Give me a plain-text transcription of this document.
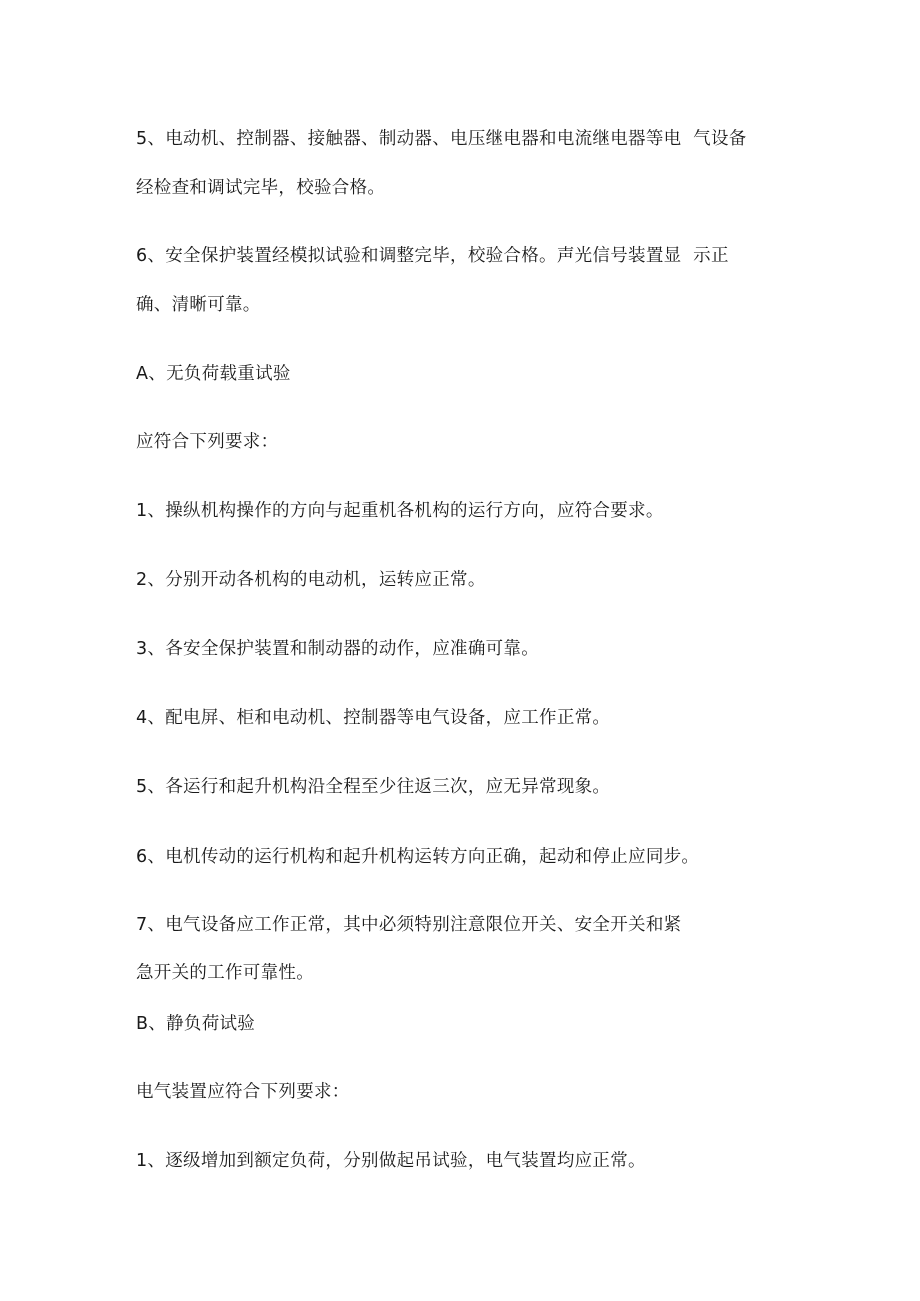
5、电动机、控制器、接触器、制动器、电压继电器和电流继电器等电  气设备
经检查和调试完毕，校验合格。
6、安全保护装置经模拟试验和调整完毕，校验合格。声光信号装置显  示正
确、清晰可靠。
A、无负荷载重试验
应符合下列要求：
1、操纵机构操作的方向与起重机各机构的运行方向，应符合要求。
2、分别开动各机构的电动机，运转应正常。
3、各安全保护装置和制动器的动作，应准确可靠。
4、配电屏、柜和电动机、控制器等电气设备，应工作正常。
5、各运行和起升机构沿全程至少往返三次，应无异常现象。
6、电机传动的运行机构和起升机构运转方向正确，起动和停止应同步。
7、电气设备应工作正常，其中必须特别注意限位开关、安全开关和紧
急开关的工作可靠性。
B、静负荷试验
电气装置应符合下列要求：
1、逐级增加到额定负荷，分别做起吊试验，电气装置均应正常。
